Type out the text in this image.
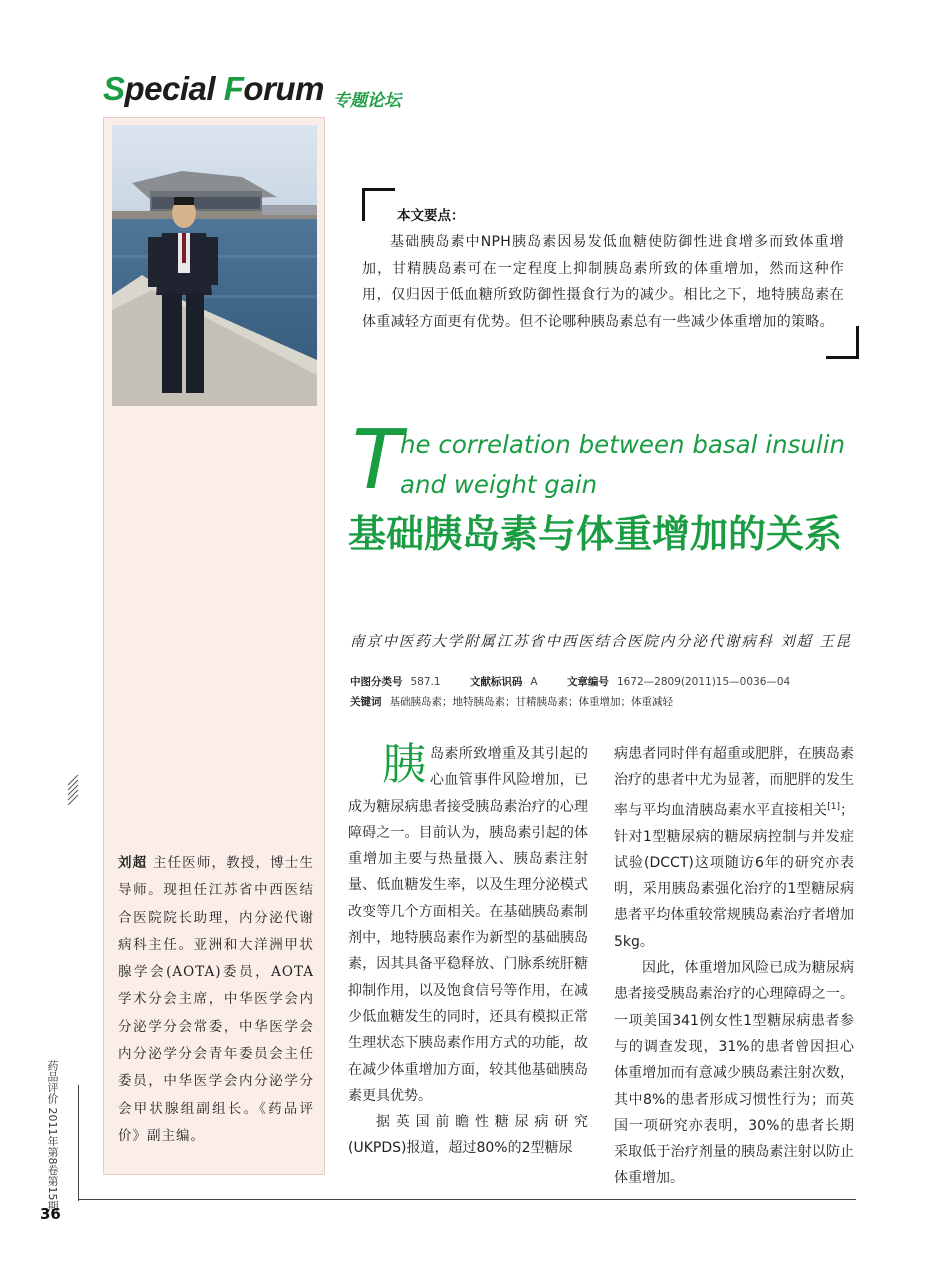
Special Forum 专题论坛
刘超 主任医师，教授，博士生导师。现担任江苏省中西医结合医院院长助理，内分泌代谢病科主任。亚洲和大洋洲甲状腺学会(AOTA)委员，AOTA学术分会主席，中华医学会内分泌学分会常委，中华医学会内分泌学分会青年委员会主任委员，中华医学会内分泌学分会甲状腺组副组长。《药品评价》副主编。
本文要点：
基础胰岛素中NPH胰岛素因易发低血糖使防御性进食增多而致体重增加，甘精胰岛素可在一定程度上抑制胰岛素所致的体重增加，然而这种作用，仅归因于低血糖所致防御性摄食行为的减少。相比之下，地特胰岛素在体重减轻方面更有优势。但不论哪种胰岛素总有一些减少体重增加的策略。
T
he correlation between basal insulin
and weight gain
基础胰岛素与体重增加的关系
南京中医药大学附属江苏省中西医结合医院内分泌代谢病科 刘超 王昆
中图分类号 587.1	文献标识码 A	文章编号 1672—2809(2011)15—0036—04
关键词 基础胰岛素；地特胰岛素；甘精胰岛素；体重增加；体重减轻

胰岛素所致增重及其引起的心血管事件风险增加，已成为糖尿病患者接受胰岛素治疗的心理障碍之一。目前认为，胰岛素引起的体重增加主要与热量摄入、胰岛素注射量、低血糖发生率，以及生理分泌模式改变等几个方面相关。在基础胰岛素制剂中，地特胰岛素作为新型的基础胰岛素，因其具备平稳释放、门脉系统肝糖抑制作用，以及饱食信号等作用，在减少低血糖发生的同时，还具有模拟正常生理状态下胰岛素作用方式的功能，故在减少体重增加方面，较其他基础胰岛素更具优势。

据英国前瞻性糖尿病研究(UKPDS)报道，超过80%的2型糖尿

病患者同时伴有超重或肥胖，在胰岛素治疗的患者中尤为显著，而肥胖的发生率与平均血清胰岛素水平直接相关[1]；针对1型糖尿病的糖尿病控制与并发症试验(DCCT)这项随访6年的研究亦表明，采用胰岛素强化治疗的1型糖尿病患者平均体重较常规胰岛素治疗者增加5kg。

因此，体重增加风险已成为糖尿病患者接受胰岛素治疗的心理障碍之一。一项美国341例女性1型糖尿病患者参与的调查发现，31%的患者曾因担心体重增加而有意减少胰岛素注射次数，其中8%的患者形成习惯性行为；而英国一项研究亦表明，30%的患者长期采取低于治疗剂量的胰岛素注射以防止体重增加。

药品评价 2011年第8卷第15期
36
